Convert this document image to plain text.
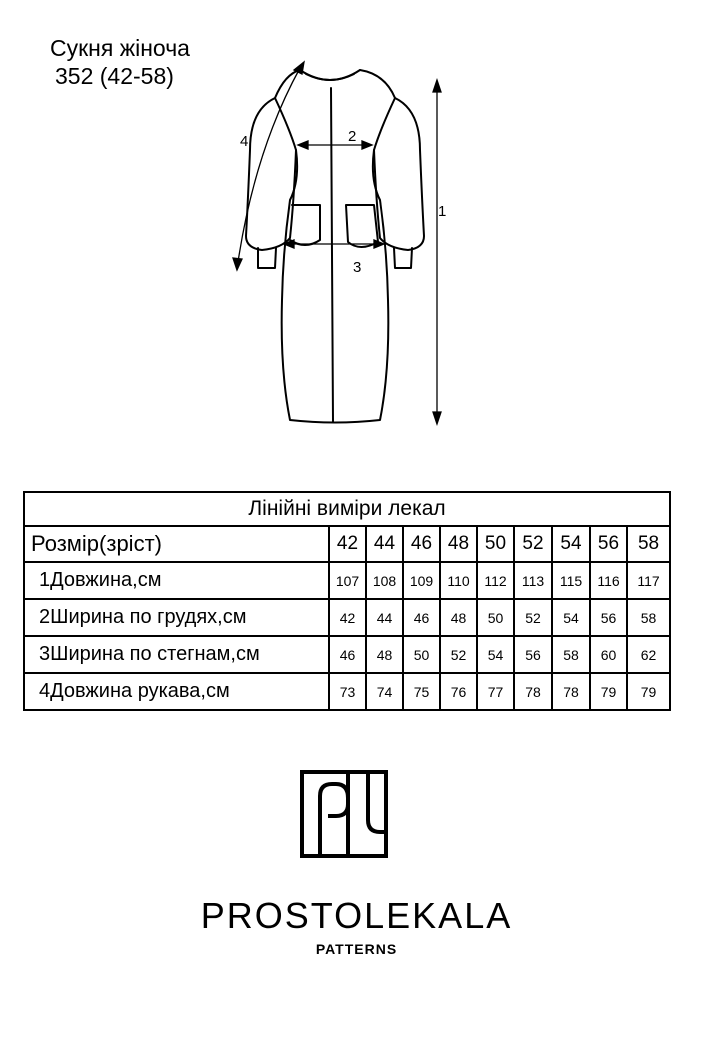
Сукня жіноча
352 (42-58)
1
2
3
4
Лінійні виміри лекал									
Розмір(зріст)	42	44	46	48	50	52	54	56	58
1Довжина,см	107	108	109	110	112	113	115	116	117
2Ширина по грудях,см	42	44	46	48	50	52	54	56	58
3Ширина по стегнам,см	46	48	50	52	54	56	58	60	62
4Довжина рукава,см	73	74	75	76	77	78	78	79	79
PROSTOLEKALA
PATTERNS
